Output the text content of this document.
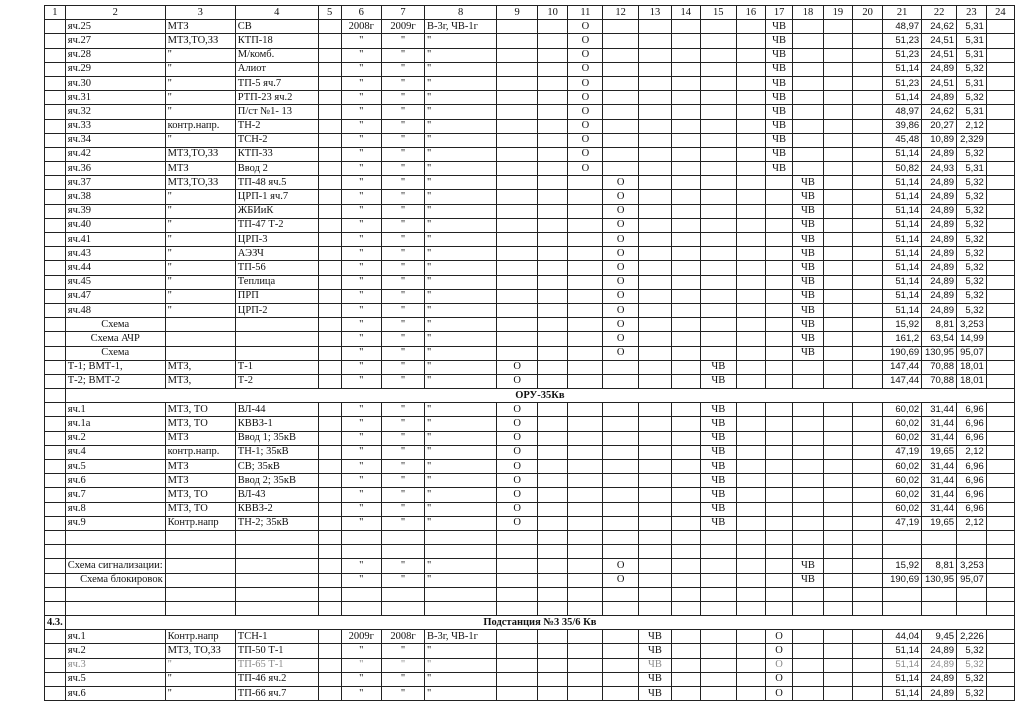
1	2	3	4	5	6	7	8	9	10	11	12	13	14	15	16	17	18	19	20	21	22	23	24
	яч.25	МТЗ	СВ		2008г	2009г	В-3г, ЧВ-1г			О						ЧВ				48,97	24,62	5,31	
	яч.27	МТЗ,ТО,ЗЗ	КТП-18		"	"	"			О						ЧВ				51,23	24,51	5,31	
	яч.28	"	М/комб.		"	"	"			О						ЧВ				51,23	24,51	5,31	
	яч.29	"	Алиот		"	"	"			О						ЧВ				51,14	24,89	5,32	
	яч.30	"	ТП-5 яч.7		"	"	"			О						ЧВ				51,23	24,51	5,31	
	яч.31	"	РТП-23 яч.2		"	"	"			О						ЧВ				51,14	24,89	5,32	
	яч.32	"	П/ст №1- 13		"	"	"			О						ЧВ				48,97	24,62	5,31	
	яч.33	контр.напр.	ТН-2		"	"	"			О						ЧВ				39,86	20,27	2,12	
	яч.34	"	ТСН-2		"	"	"			О						ЧВ				45,48	10,89	2,329	
	яч.42	МТЗ,ТО,ЗЗ	КТП-33		"	"	"			О						ЧВ				51,14	24,89	5,32	
	яч.36	МТЗ	Ввод 2		"	"	"			О						ЧВ				50,82	24,93	5,31	
	яч.37	МТЗ,ТО,ЗЗ	ТП-48 яч.5		"	"	"				О						ЧВ			51,14	24,89	5,32	
	яч.38	"	ЦРП-1 яч.7		"	"	"				О						ЧВ			51,14	24,89	5,32	
	яч.39	"	ЖБИиК		"	"	"				О						ЧВ			51,14	24,89	5,32	
	яч.40	"	ТП-47 Т-2		"	"	"				О						ЧВ			51,14	24,89	5,32	
	яч.41	"	ЦРП-3		"	"	"				О						ЧВ			51,14	24,89	5,32	
	яч.43	"	АЭЗЧ		"	"	"				О						ЧВ			51,14	24,89	5,32	
	яч.44	"	ТП-56		"	"	"				О						ЧВ			51,14	24,89	5,32	
	яч.45	"	Теплица		"	"	"				О						ЧВ			51,14	24,89	5,32	
	яч.47	"	ПРП		"	"	"				О						ЧВ			51,14	24,89	5,32	
	яч.48	"	ЦРП-2		"	"	"				О						ЧВ			51,14	24,89	5,32	
	Схема				"	"	"				О						ЧВ			15,92	8,81	3,253	
	Схема АЧР				"	"	"				О						ЧВ			161,2	63,54	14,99	
	Схема				"	"	"				О						ЧВ			190,69	130,95	95,07	
	Т-1; ВМТ-1,	МТЗ,	Т-1		"	"	"	О						ЧВ						147,44	70,88	18,01	
	Т-2; ВМТ-2	МТЗ,	Т-2		"	"	"	О						ЧВ						147,44	70,88	18,01	
	ОРУ-35Кв																						
	яч.1	МТЗ, ТО	ВЛ-44		"	"	"	О						ЧВ						60,02	31,44	6,96	
	яч.1а	МТЗ, ТО	КВВЗ-1		"	"	"	О						ЧВ						60,02	31,44	6,96	
	яч.2	МТЗ	Ввод 1; 35кВ		"	"	"	О						ЧВ						60,02	31,44	6,96	
	яч.4	контр.напр.	ТН-1; 35кВ		"	"	"	О						ЧВ						47,19	19,65	2,12	
	яч.5	МТЗ	СВ; 35кВ		"	"	"	О						ЧВ						60,02	31,44	6,96	
	яч.6	МТЗ	Ввод 2; 35кВ		"	"	"	О						ЧВ						60,02	31,44	6,96	
	яч.7	МТЗ, ТО	ВЛ-43		"	"	"	О						ЧВ						60,02	31,44	6,96	
	яч.8	МТЗ, ТО	КВВЗ-2		"	"	"	О						ЧВ						60,02	31,44	6,96	
	яч.9	Контр.напр	ТН-2; 35кВ		"	"	"	О						ЧВ						47,19	19,65	2,12	

	Схема сигнализации:				"	"	"				О						ЧВ			15,92	8,81	3,253	
	Схема блокировок				"	"	"				О						ЧВ			190,69	130,95	95,07	

4.3.	Подстанция №3 35/6 Кв																						
	яч.1	Контр.напр	ТСН-1		2009г	2008г	В-3г, ЧВ-1г					ЧВ				О				44,04	9,45	2,226	
	яч.2	МТЗ, ТО,ЗЗ	ТП-50 Т-1		"	"	"					ЧВ				О				51,14	24,89	5,32	
	яч.3	"	ТП-65 Т-1		"	"	"					ЧВ				О				51,14	24,89	5,32	
	яч.5	"	ТП-46 яч.2		"	"	"					ЧВ				О				51,14	24,89	5,32	
	яч.6	"	ТП-66 яч.7		"	"	"					ЧВ				О				51,14	24,89	5,32	
